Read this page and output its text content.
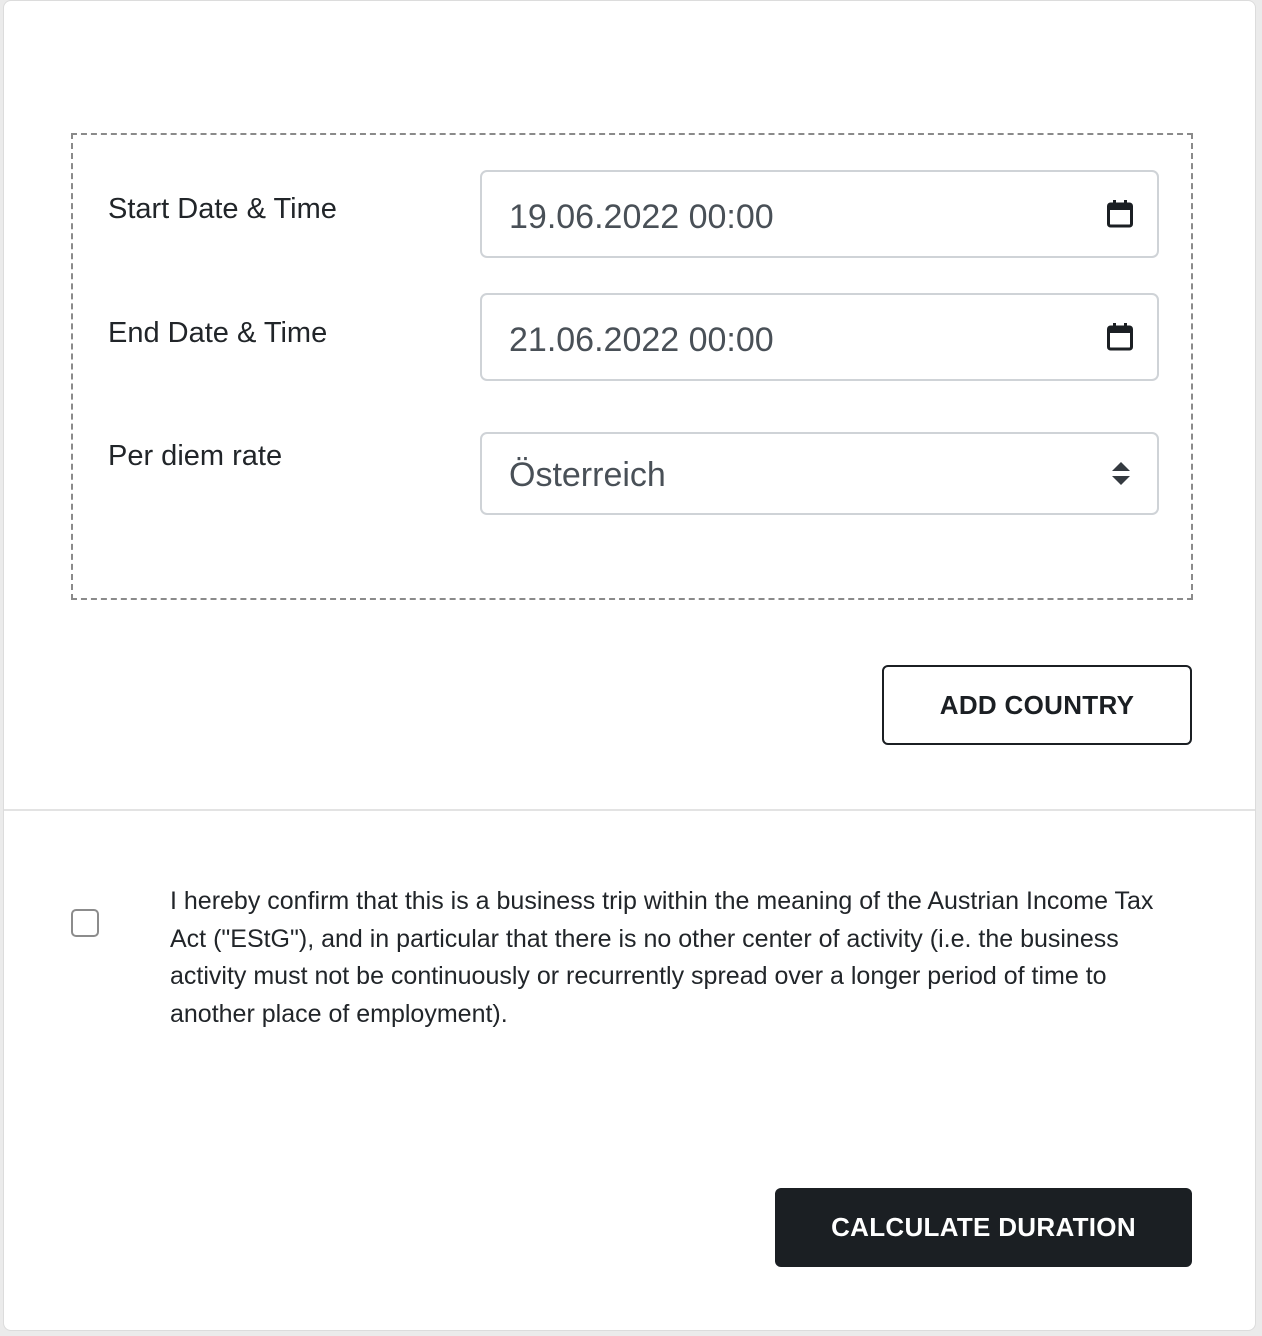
Start Date & Time	19.06.2022 00:00
End Date & Time	21.06.2022 00:00
Per diem rate	Österreich
ADD COUNTRY
I hereby confirm that this is a business trip within the meaning of the Austrian Income Tax Act ("EStG"), and in particular that there is no other center of activity (i.e. the business activity must not be continuously or recurrently spread over a longer period of time to another place of employment).
CALCULATE DURATION
